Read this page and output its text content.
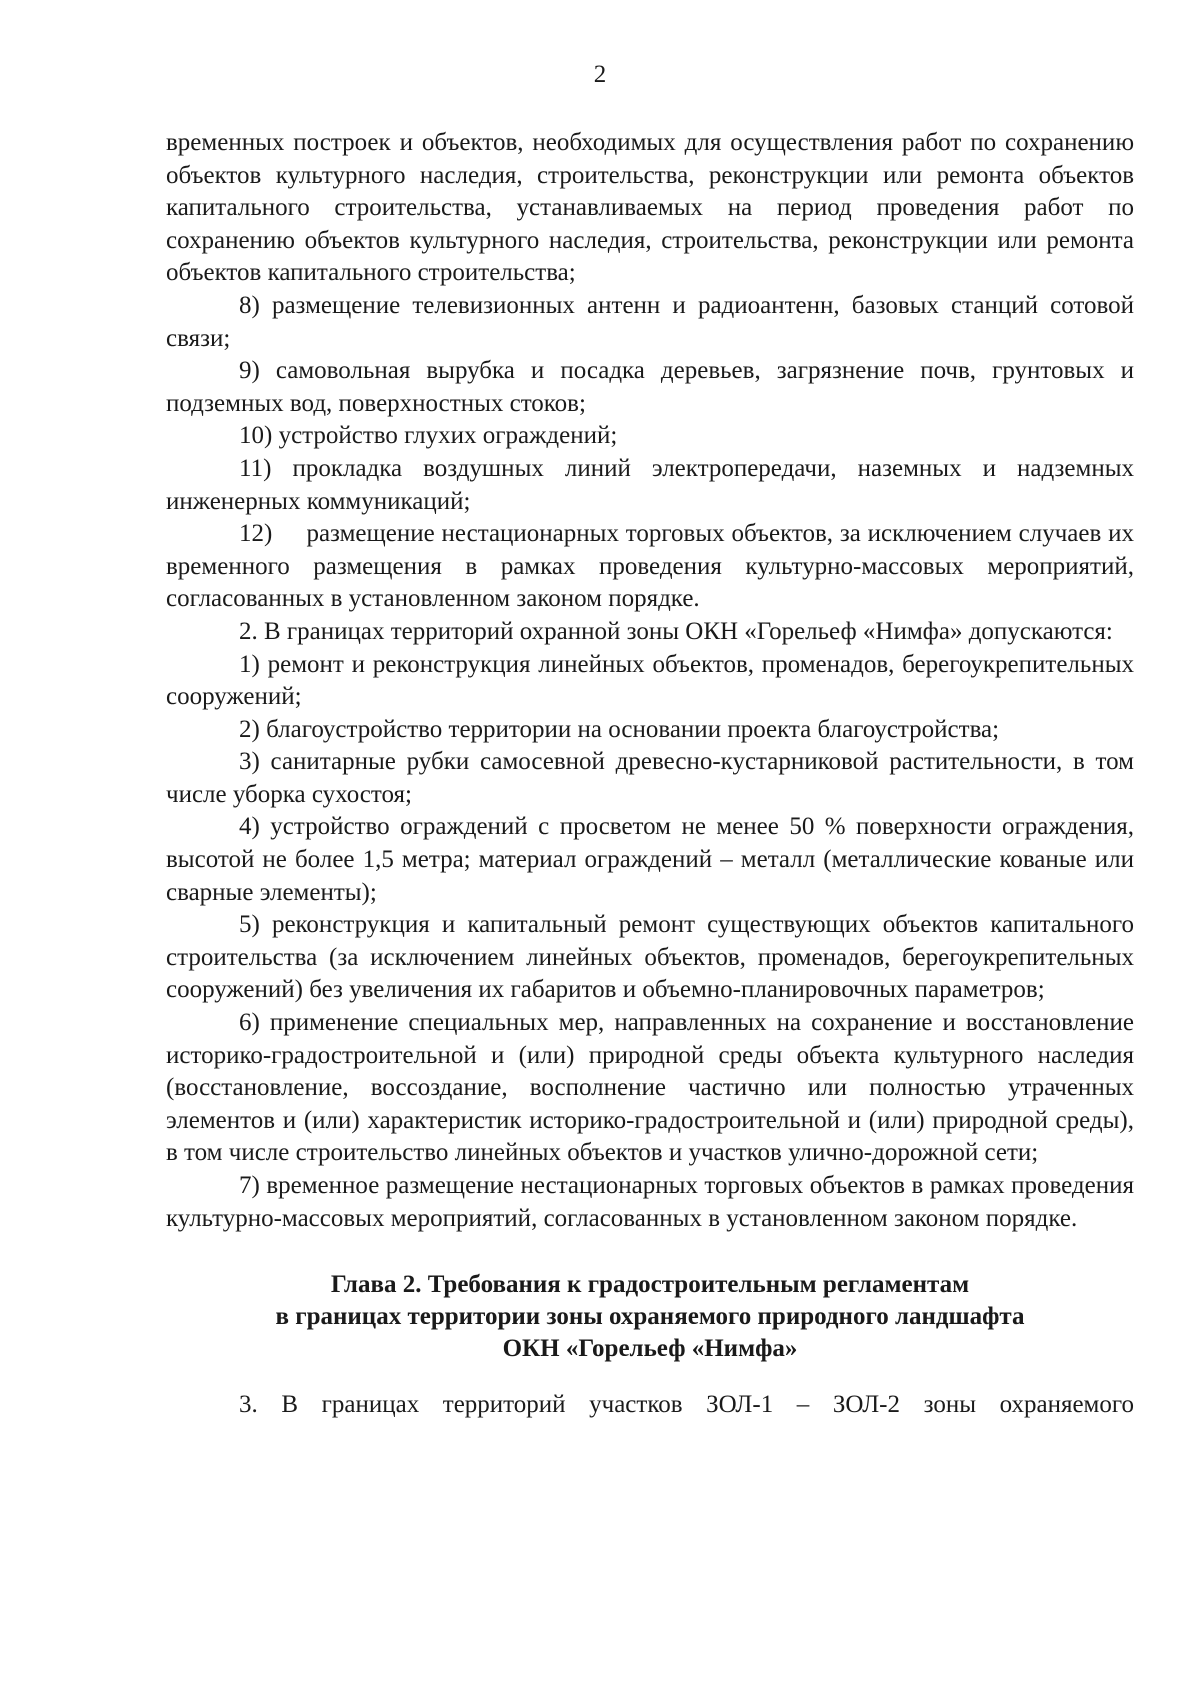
2

временных построек и объектов, необходимых для осуществления работ по сохранению объектов культурного наследия, строительства, реконструкции или ремонта объектов капитального строительства, устанавливаемых на период проведения работ по сохранению объектов культурного наследия, строительства, реконструкции или ремонта объектов капитального строительства;

8) размещение телевизионных антенн и радиоантенн, базовых станций сотовой связи;

9) самовольная вырубка и посадка деревьев, загрязнение почв, грунтовых и подземных вод, поверхностных стоков;

10) устройство глухих ограждений;

11) прокладка воздушных линий электропередачи, наземных и надземных инженерных коммуникаций;

12)     размещение нестационарных торговых объектов, за исключением случаев их временного размещения в рамках проведения культурно-массовых мероприятий, согласованных в установленном законом порядке.

2. В границах территорий охранной зоны ОКН «Горельеф «Нимфа» допускаются:

1) ремонт и реконструкция линейных объектов, променадов, берегоукрепительных сооружений;

2) благоустройство территории на основании проекта благоустройства;

3) санитарные рубки самосевной древесно-кустарниковой растительности, в том числе уборка сухостоя;

4) устройство ограждений с просветом не менее 50 % поверхности ограждения, высотой не более 1,5 метра; материал ограждений – металл (металлические кованые или сварные элементы);

5) реконструкция и капитальный ремонт существующих объектов капитального строительства (за исключением линейных объектов, променадов, берегоукрепительных сооружений) без увеличения их габаритов и объемно-планировочных параметров;

6) применение специальных мер, направленных на сохранение и восстановление историко-градостроительной и (или) природной среды объекта культурного наследия (восстановление, воссоздание, восполнение частично или полностью утраченных элементов и (или) характеристик историко-градостроительной и (или) природной среды), в том числе строительство линейных объектов и участков улично-дорожной сети;

7) временное размещение нестационарных торговых объектов в рамках проведения культурно-массовых мероприятий, согласованных в установленном законом порядке.

Глава 2. Требования к градостроительным регламентам
в границах территории зоны охраняемого природного ландшафта
ОКН «Горельеф «Нимфа»

3. В границах территорий участков ЗОЛ-1 – ЗОЛ-2 зоны охраняемого
